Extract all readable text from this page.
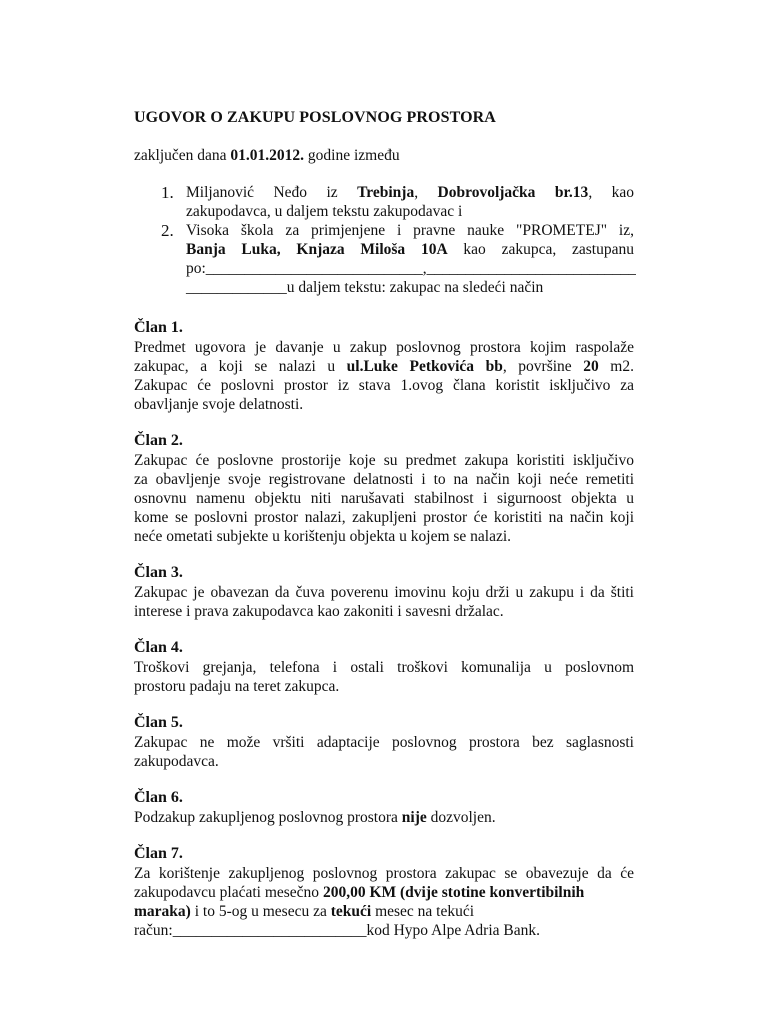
UGOVOR O ZAKUPU POSLOVNOG PROSTORA
zaključen dana 01.01.2012. godine između
1. Miljanović Neđo iz Trebinja, Dobrovoljačka br.13, kao

zakupodavca, u daljem tekstu zakupodavac i

2. Visoka škola za primjenjene i pravne nauke "PROMETEJ" iz,

Banja Luka, Knjaza Miloša 10A kao zakupca, zastupanu

po:____________________________,___________________________

_____________u daljem tekstu: zakupac na sledeći način

Član 1.

Predmet ugovora je davanje u zakup poslovnog prostora kojim raspolaže

zakupac, a koji se nalazi u ul.Luke Petkovića bb, površine 20 m2.

Zakupac će poslovni prostor iz stava 1.ovog člana koristit isključivo za

obavljanje svoje delatnosti.

Član 2.

Zakupac će poslovne prostorije koje su predmet zakupa koristiti isključivo

za obavljenje svoje registrovane delatnosti i to na način koji neće remetiti

osnovnu namenu objektu niti narušavati stabilnost i sigurnoost objekta u

kome se poslovni prostor nalazi, zakupljeni prostor će koristiti na način koji

neće ometati subjekte u korištenju objekta u kojem se nalazi.

Član 3.

Zakupac je obavezan da čuva poverenu imovinu koju drži u zakupu i da štiti

interese i prava zakupodavca kao zakoniti i savesni držalac.

Član 4.

Troškovi grejanja, telefona i ostali troškovi komunalija u poslovnom

prostoru padaju na teret zakupca.

Član 5.

Zakupac ne može vršiti adaptacije poslovnog prostora bez saglasnosti

zakupodavca.

Član 6.

Podzakup zakupljenog poslovnog prostora nije dozvoljen.

Član 7.

Za korištenje zakupljenog poslovnog prostora zakupac se obavezuje da će

zakupodavcu plaćati mesečno 200,00 KM (dvije stotine konvertibilnih

maraka) i to 5-og u mesecu za tekući mesec na tekući

račun:_________________________kod Hypo Alpe Adria Bank.
